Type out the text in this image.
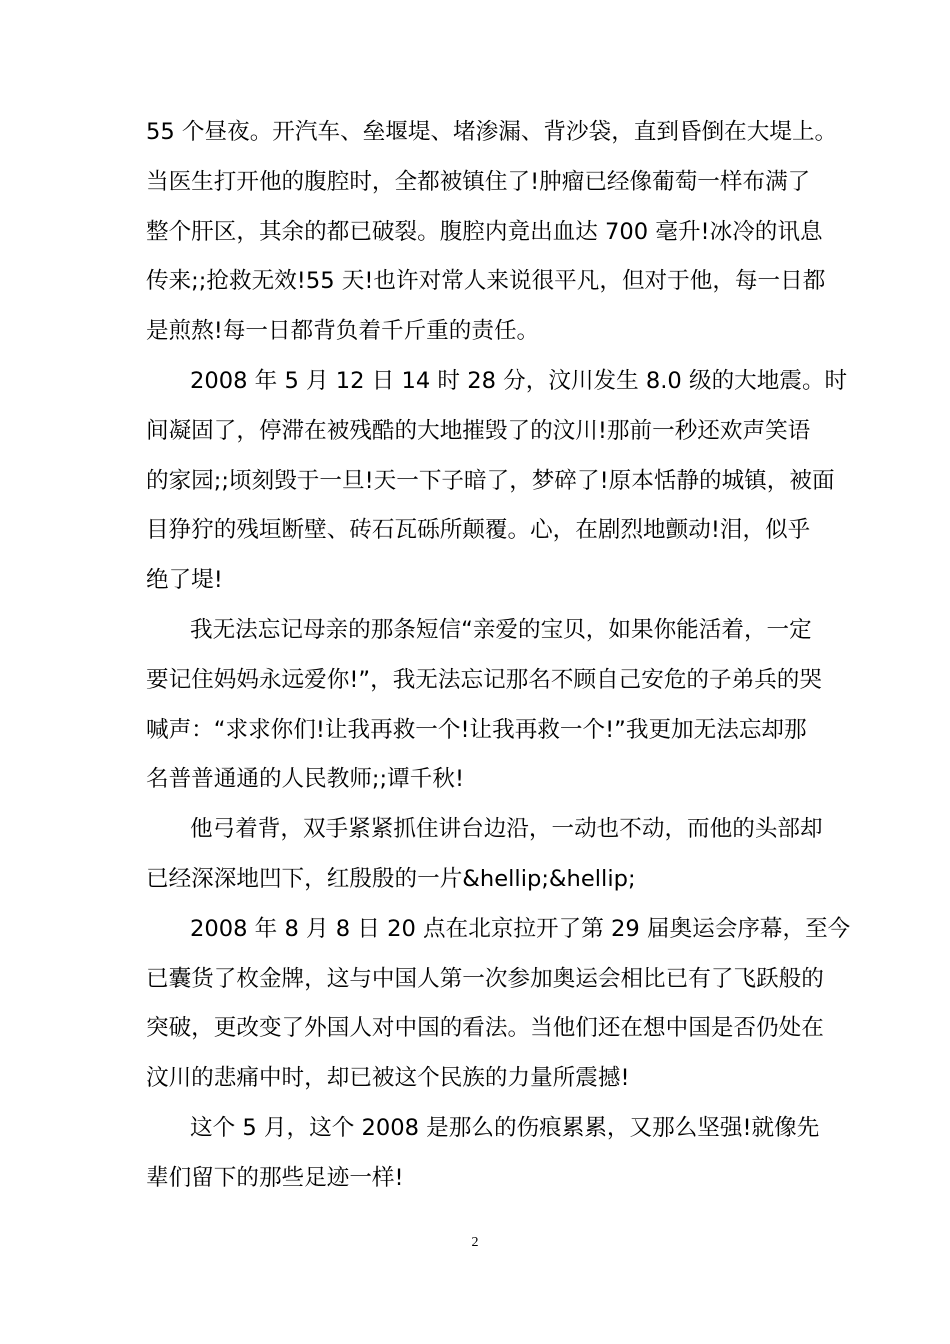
55 个昼夜。开汽车、垒堰堤、堵渗漏、背沙袋，直到昏倒在大堤上。
当医生打开他的腹腔时，全都被镇住了!肿瘤已经像葡萄一样布满了
整个肝区，其余的都已破裂。腹腔内竟出血达 700 毫升!冰冷的讯息
传来;;抢救无效!55 天!也许对常人来说很平凡，但对于他，每一日都
是煎熬!每一日都背负着千斤重的责任。
2008 年 5 月 12 日 14 时 28 分，汶川发生 8.0 级的大地震。时
间凝固了，停滞在被残酷的大地摧毁了的汶川!那前一秒还欢声笑语
的家园;;顷刻毁于一旦!天一下子暗了，梦碎了!原本恬静的城镇，被面
目狰狞的残垣断壁、砖石瓦砾所颠覆。心，在剧烈地颤动!泪，似乎
绝了堤!
我无法忘记母亲的那条短信“亲爱的宝贝，如果你能活着，一定
要记住妈妈永远爱你!”，我无法忘记那名不顾自己安危的子弟兵的哭
喊声：“求求你们!让我再救一个!让我再救一个!”我更加无法忘却那
名普普通通的人民教师;;谭千秋!
他弓着背，双手紧紧抓住讲台边沿，一动也不动，而他的头部却
已经深深地凹下，红殷殷的一片&hellip;&hellip;
2008 年 8 月 8 日 20 点在北京拉开了第 29 届奥运会序幕，至今
已囊货了枚金牌，这与中国人第一次参加奥运会相比已有了飞跃般的
突破，更改变了外国人对中国的看法。当他们还在想中国是否仍处在
汶川的悲痛中时，却已被这个民族的力量所震撼!
这个 5 月，这个 2008 是那么的伤痕累累，又那么坚强!就像先
辈们留下的那些足迹一样!
2
